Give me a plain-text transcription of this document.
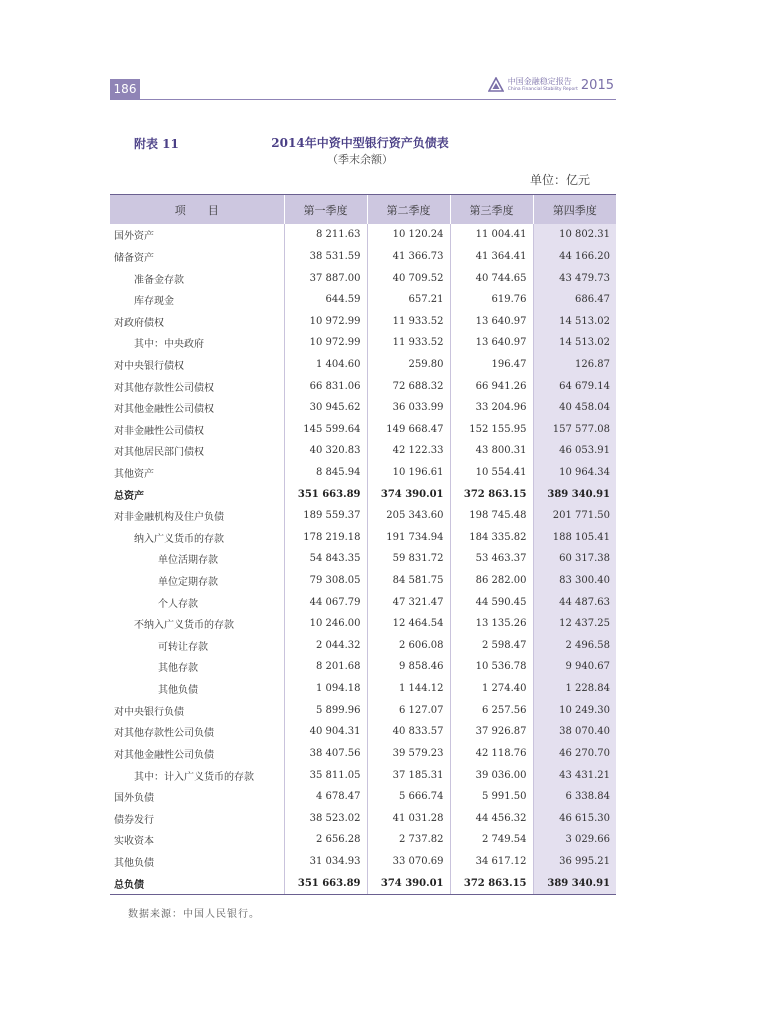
186
中国金融稳定报告
China Financial Stability Report 2015
附表 11	2014年中资中型银行资产负债表
（季末余额）
单位：亿元
项　　目	第一季度	第二季度	第三季度	第四季度
国外资产	8 211.63	10 120.24	11 004.41	10 802.31
储备资产	38 531.59	41 366.73	41 364.41	44 166.20
准备金存款	37 887.00	40 709.52	40 744.65	43 479.73
库存现金	644.59	657.21	619.76	686.47
对政府债权	10 972.99	11 933.52	13 640.97	14 513.02
其中：中央政府	10 972.99	11 933.52	13 640.97	14 513.02
对中央银行债权	1 404.60	259.80	196.47	126.87
对其他存款性公司债权	66 831.06	72 688.32	66 941.26	64 679.14
对其他金融性公司债权	30 945.62	36 033.99	33 204.96	40 458.04
对非金融性公司债权	145 599.64	149 668.47	152 155.95	157 577.08
对其他居民部门债权	40 320.83	42 122.33	43 800.31	46 053.91
其他资产	8 845.94	10 196.61	10 554.41	10 964.34
总资产	351 663.89	374 390.01	372 863.15	389 340.91
对非金融机构及住户负债	189 559.37	205 343.60	198 745.48	201 771.50
纳入广义货币的存款	178 219.18	191 734.94	184 335.82	188 105.41
单位活期存款	54 843.35	59 831.72	53 463.37	60 317.38
单位定期存款	79 308.05	84 581.75	86 282.00	83 300.40
个人存款	44 067.79	47 321.47	44 590.45	44 487.63
不纳入广义货币的存款	10 246.00	12 464.54	13 135.26	12 437.25
可转让存款	2 044.32	2 606.08	2 598.47	2 496.58
其他存款	8 201.68	9 858.46	10 536.78	9 940.67
其他负债	1 094.18	1 144.12	1 274.40	1 228.84
对中央银行负债	5 899.96	6 127.07	6 257.56	10 249.30
对其他存款性公司负债	40 904.31	40 833.57	37 926.87	38 070.40
对其他金融性公司负债	38 407.56	39 579.23	42 118.76	46 270.70
其中：计入广义货币的存款	35 811.05	37 185.31	39 036.00	43 431.21
国外负债	4 678.47	5 666.74	5 991.50	6 338.84
债券发行	38 523.02	41 031.28	44 456.32	46 615.30
实收资本	2 656.28	2 737.82	2 749.54	3 029.66
其他负债	31 034.93	33 070.69	34 617.12	36 995.21
总负债	351 663.89	374 390.01	372 863.15	389 340.91
数据来源：中国人民银行。
